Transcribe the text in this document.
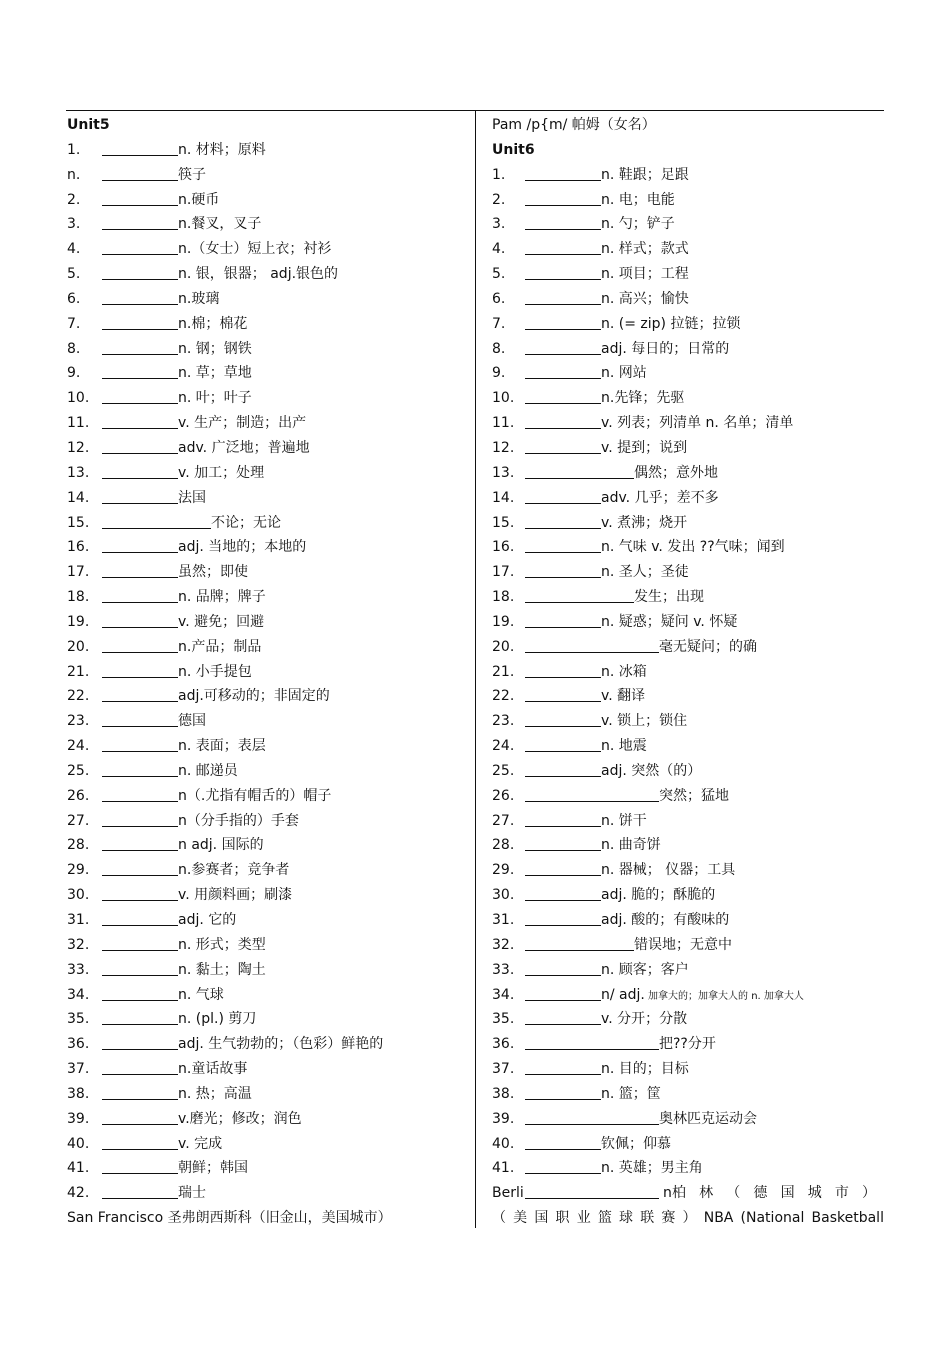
Unit5
1.	n. 材料；原料
n.	筷子
2.	n.硬币
3.	n.餐叉，叉子
4.	n.（女士）短上衣；衬衫
5.	n. 银，银器； adj.银色的
6.	n.玻璃
7.	n.棉；棉花
8.	n. 钢；钢铁
9.	n. 草；草地
10.	n. 叶；叶子
11.	v. 生产；制造；出产
12.	adv. 广泛地；普遍地
13.	v. 加工；处理
14.	法国
15.	不论；无论
16.	adj. 当地的；本地的
17.	虽然；即使
18.	n. 品牌；牌子
19.	v. 避免；回避
20.	n.产品；制品
21.	n. 小手提包
22.	adj.可移动的；非固定的
23.	德国
24.	n. 表面；表层
25.	n. 邮递员
26.	n（.尤指有帽舌的）帽子
27.	n（分手指的）手套
28.	n adj. 国际的
29.	n.参赛者；竞争者
30.	v. 用颜料画；刷漆
31.	adj. 它的
32.	n. 形式；类型
33.	n. 黏土；陶土
34.	n. 气球
35.	n. (pl.) 剪刀
36.	adj. 生气勃勃的；（色彩）鲜艳的
37.	n.童话故事
38.	n. 热；高温
39.	v.磨光；修改；润色
40.	v. 完成
41.	朝鲜；韩国
42.	瑞士
San Francisco 圣弗朗西斯科（旧金山，美国城市）
Pam /p{m/ 帕姆（女名）
Unit6
1.	n. 鞋跟；足跟
2.	n. 电；电能
3.	n. 勺；铲子
4.	n. 样式；款式
5.	n. 项目；工程
6.	n. 高兴；愉快
7.	n. (= zip) 拉链；拉锁
8.	adj. 每日的；日常的
9.	n. 网站
10.	n.先锋；先驱
11.	v. 列表；列清单 n. 名单；清单
12.	v. 提到；说到
13.	偶然；意外地
14.	adv. 几乎；差不多
15.	v. 煮沸；烧开
16.	n. 气味 v. 发出 ??气味；闻到
17.	n. 圣人；圣徒
18.	发生；出现
19.	n. 疑惑；疑问 v. 怀疑
20.	毫无疑问；的确
21.	n. 冰箱
22.	v. 翻译
23.	v. 锁上；锁住
24.	n. 地震
25.	adj. 突然（的）
26.	突然；猛地
27.	n. 饼干
28.	n. 曲奇饼
29.	n. 器械； 仪器；工具
30.	adj. 脆的；酥脆的
31.	adj. 酸的；有酸味的
32.	错误地；无意中
33.	n. 顾客；客户
34.	n/ adj. 加拿大的；加拿大人的 n. 加拿大人
35.	v. 分开；分散
36.	把??分开
37.	n. 目的；目标
38.	n. 篮；筐
39.	奥林匹克运动会
40.	钦佩；仰慕
41.	n. 英雄；男主角
Berli	n 柏 林 （ 德 国 城 市 ）
（ 美 国 职 业 篮 球 联 赛 ） NBA (National Basketball
